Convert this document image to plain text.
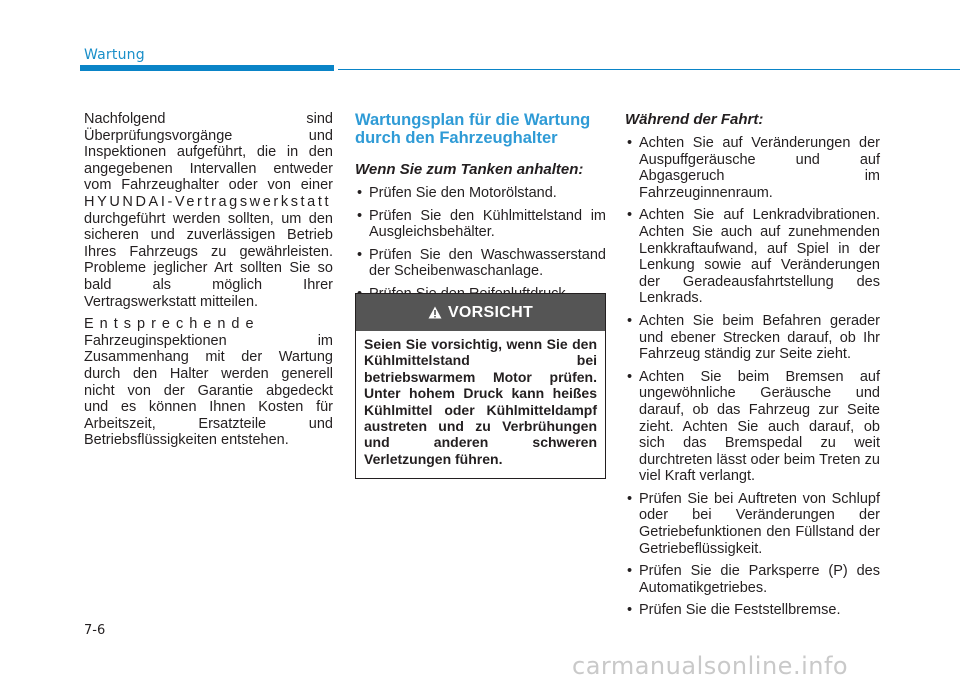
Wartung

Nachfolgend sind
Überprüfungsvorgänge und
Inspektionen aufgeführt, die in den
angegebenen Intervallen entweder
vom Fahrzeughalter oder von einer
HYUNDAI-Vertragswerkstatt
durchgeführt werden sollten, um den
sicheren und zuverlässigen Betrieb
Ihres Fahrzeugs zu gewährleisten.
Probleme jeglicher Art sollten Sie so
bald als möglich Ihrer
Vertragswerkstatt mitteilen.

Entsprechende
Fahrzeuginspektionen im
Zusammenhang mit der Wartung
durch den Halter werden generell
nicht von der Garantie abgedeckt
und es können Ihnen Kosten für
Arbeitszeit, Ersatzteile und
Betriebsflüssigkeiten entstehen.

Wartungsplan für die Wartung
durch den Fahrzeughalter
Wenn Sie zum Tanken anhalten:
• Prüfen Sie den Motorölstand.
• Prüfen Sie den Kühlmittelstand im Ausgleichsbehälter.
• Prüfen Sie den Waschwasserstand der Scheibenwaschanlage.
•
VORSICHT
Seien Sie vorsichtig, wenn Sie den Kühlmittelstand bei betriebswarmem Motor prüfen. Unter hohem Druck kann heißes Kühlmittel oder Kühlmitteldampf austreten und zu Verbrühungen und anderen schweren Verletzungen führen.
Während der Fahrt:
• Achten Sie auf Veränderungen der Auspuffgeräusche und auf Abgasgeruch im Fahrzeuginnenraum.
• Achten Sie auf Lenkradvibrationen. Achten Sie auch auf zunehmenden Lenkkraftaufwand, auf Spiel in der Lenkung sowie auf Veränderungen der Geradeausfahrtstellung des Lenkrads.
• Achten Sie beim Befahren gerader und ebener Strecken darauf, ob Ihr Fahrzeug ständig zur Seite zieht.
• Achten Sie beim Bremsen auf ungewöhnliche Geräusche und darauf, ob das Fahrzeug zur Seite zieht. Achten Sie auch darauf, ob sich das Bremspedal zu weit durchtreten lässt oder beim Treten zu viel Kraft verlangt.
• Prüfen Sie bei Auftreten von Schlupf oder bei Veränderungen der Getriebefunktionen den Füllstand der Getriebeflüssigkeit.
• Prüfen Sie die Parksperre (P) des Automatikgetriebes.
• Prüfen Sie die Feststellbremse.
7-6
carmanualsonline.info
